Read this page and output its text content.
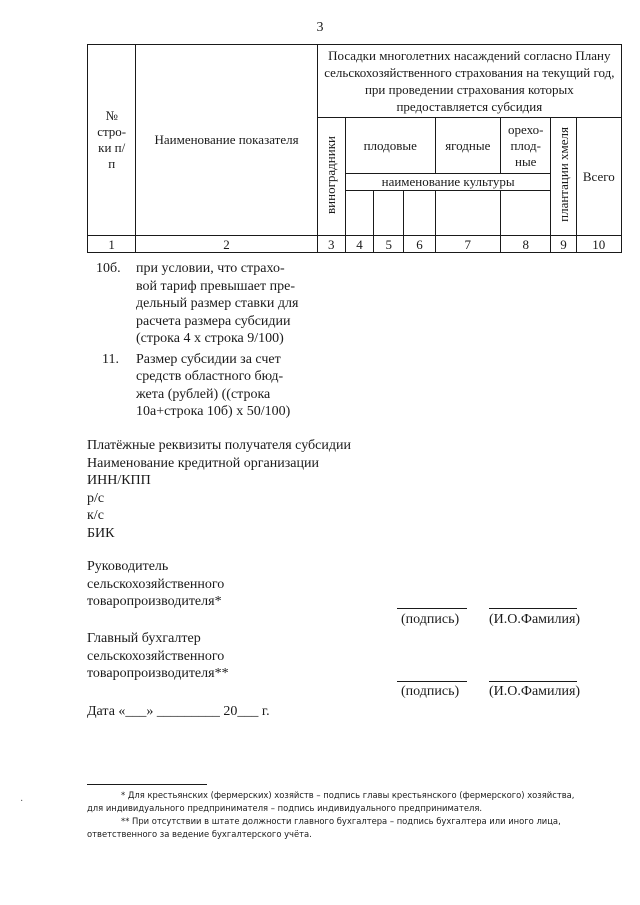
3
№ стро-ки п/п	Наименование показателя	Посадки многолетних насаждений согласно Плану сельскохозяйственного страхования на текущий год, при проведении страхования которых предоставляется субсидия							
		виноградники	плодовые			ягодные	орехо-плод-ные	плантации хмеля	Всего
			наименование культуры						

1	2	3	4	5	6	7	8	9	10
10б.	при условии, что страхо-
вой тариф превышает пре-
дельный размер ставки для
расчета размера субсидии
(строка 4 х строка 9/100)
11.	Размер субсидии за счет
средств областного бюд-
жета (рублей) ((строка
10а+строка 10б) х 50/100)
Платёжные реквизиты получателя субсидии
Наименование кредитной организации
ИНН/КПП
р/с
к/с
БИК
Руководитель
сельскохозяйственного
товаропроизводителя*
(подпись) (И.О.Фамилия)
Главный бухгалтер
сельскохозяйственного
товаропроизводителя**
(подпись) (И.О.Фамилия)
Дата «___» _________ 20___ г.
* Для крестьянских (фермерских) хозяйств – подпись главы крестьянского (фермерского) хозяйства,
для индивидуального предпринимателя – подпись индивидуального предпринимателя.
** При отсутствии в штате должности главного бухгалтера – подпись бухгалтера или иного лица,
ответственного за ведение бухгалтерского учёта.
·
